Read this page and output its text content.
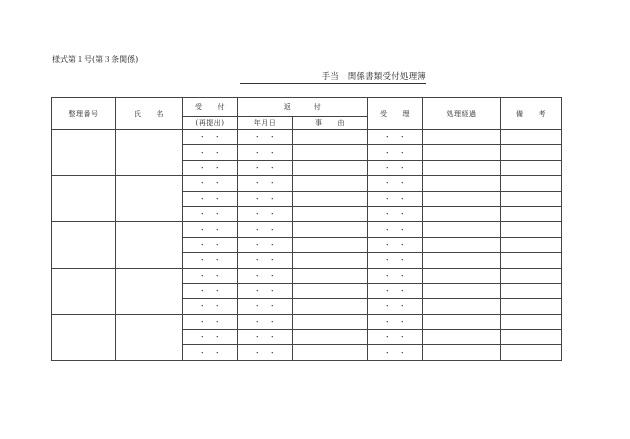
様式第１号(第３条関係)
手当　関係書類受付処理簿
整理番号	氏　　名	受　　付	返　　　付		受　　理	処理経過	備　　考
		(再提出)	年月日	事　　由			
		・　・	・　・		・　・		
		・　・	・　・		・　・		
		・　・	・　・		・　・		
		・　・	・　・		・　・		
		・　・	・　・		・　・		
		・　・	・　・		・　・		
		・　・	・　・		・　・		
		・　・	・　・		・　・		
		・　・	・　・		・　・		
		・　・	・　・		・　・		
		・　・	・　・		・　・		
		・　・	・　・		・　・		
		・　・	・　・		・　・		
		・　・	・　・		・　・		
		・　・	・　・		・　・		
